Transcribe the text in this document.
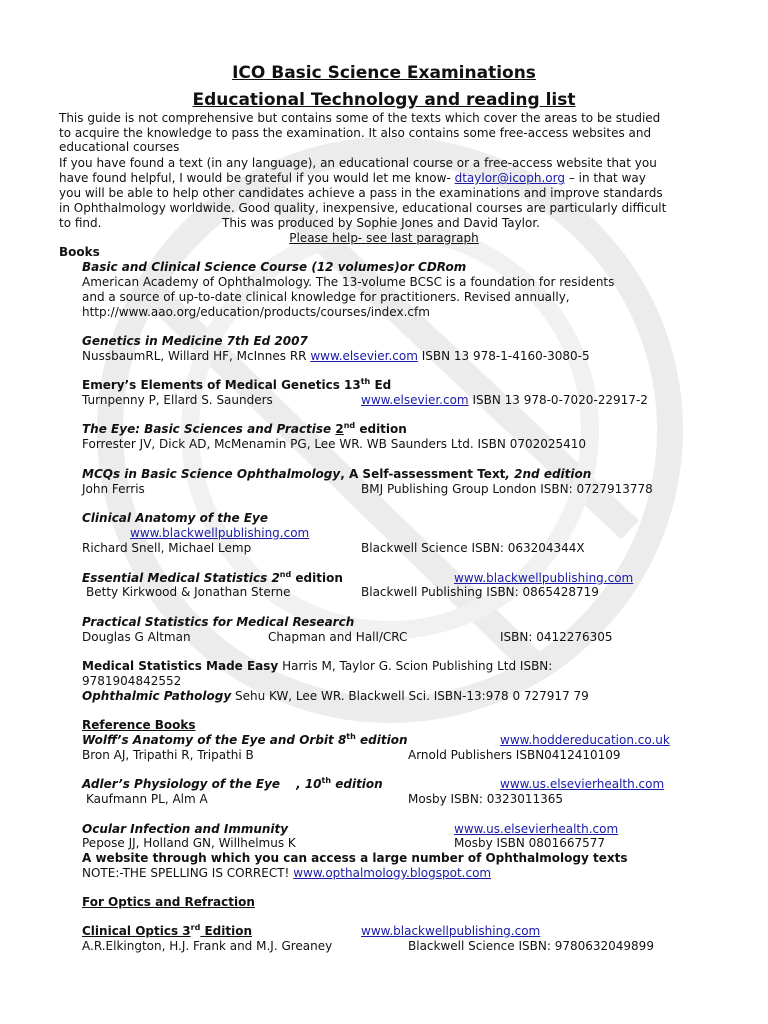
ICO Basic Science Examinations
Educational Technology and reading list
This guide is not comprehensive but contains some of the texts which cover the areas to be studied
to acquire the knowledge to pass the examination. It also contains some free-access websites and
educational courses
If you have found a text (in any language), an educational course or a free-access website that you
have found helpful, I would be grateful if you would let me know- dtaylor@icoph.org – in that way
you will be able to help other candidates achieve a pass in the examinations and improve standards
in Ophthalmology worldwide. Good quality, inexpensive, educational courses are particularly difficult
to find.	This was produced by Sophie Jones and David Taylor.
Please help- see last paragraph
Books
Basic and Clinical Science Course (12 volumes)or CDRom
American Academy of Ophthalmology. The 13-volume BCSC is a foundation for residents
and a source of up-to-date clinical knowledge for practitioners. Revised annually,
http://www.aao.org/education/products/courses/index.cfm
Genetics in Medicine 7th Ed 2007
NussbaumRL, Willard HF, McInnes RR www.elsevier.com ISBN 13 978-1-4160-3080-5
Emery’s Elements of Medical Genetics 13th Ed
Turnpenny P, Ellard S. Saunders	www.elsevier.com ISBN 13 978-0-7020-22917-2
The Eye: Basic Sciences and Practise 2nd edition
Forrester JV, Dick AD, McMenamin PG, Lee WR. WB Saunders Ltd. ISBN 0702025410
MCQs in Basic Science Ophthalmology, A Self-assessment Text, 2nd edition
John Ferris	BMJ Publishing Group London ISBN: 0727913778
Clinical Anatomy of the Eye
www.blackwellpublishing.com
Richard Snell, Michael Lemp	Blackwell Science ISBN: 063204344X
Essential Medical Statistics 2nd edition	www.blackwellpublishing.com
Betty Kirkwood & Jonathan Sterne	Blackwell Publishing ISBN: 0865428719
Practical Statistics for Medical Research
Douglas G Altman	Chapman and Hall/CRC	ISBN: 0412276305
Medical Statistics Made Easy Harris M, Taylor G. Scion Publishing Ltd ISBN:
9781904842552
Ophthalmic Pathology Sehu KW, Lee WR. Blackwell Sci. ISBN-13:978 0 727917 79
Reference Books
Wolff’s Anatomy of the Eye and Orbit 8th edition	www.hoddereducation.co.uk
Bron AJ, Tripathi R, Tripathi B	Arnold Publishers ISBN0412410109
Adler’s Physiology of the Eye , 10th edition	www.us.elsevierhealth.com
Kaufmann PL, Alm A	Mosby ISBN: 0323011365
Ocular Infection and Immunity	www.us.elsevierhealth.com
Pepose JJ, Holland GN, Willhelmus K	Mosby ISBN 0801667577
A website through which you can access a large number of Ophthalmology texts
NOTE:-THE SPELLING IS CORRECT! www.opthalmology.blogspot.com
For Optics and Refraction
Clinical Optics 3rd Edition	www.blackwellpublishing.com
A.R.Elkington, H.J. Frank and M.J. Greaney	Blackwell Science ISBN: 9780632049899
